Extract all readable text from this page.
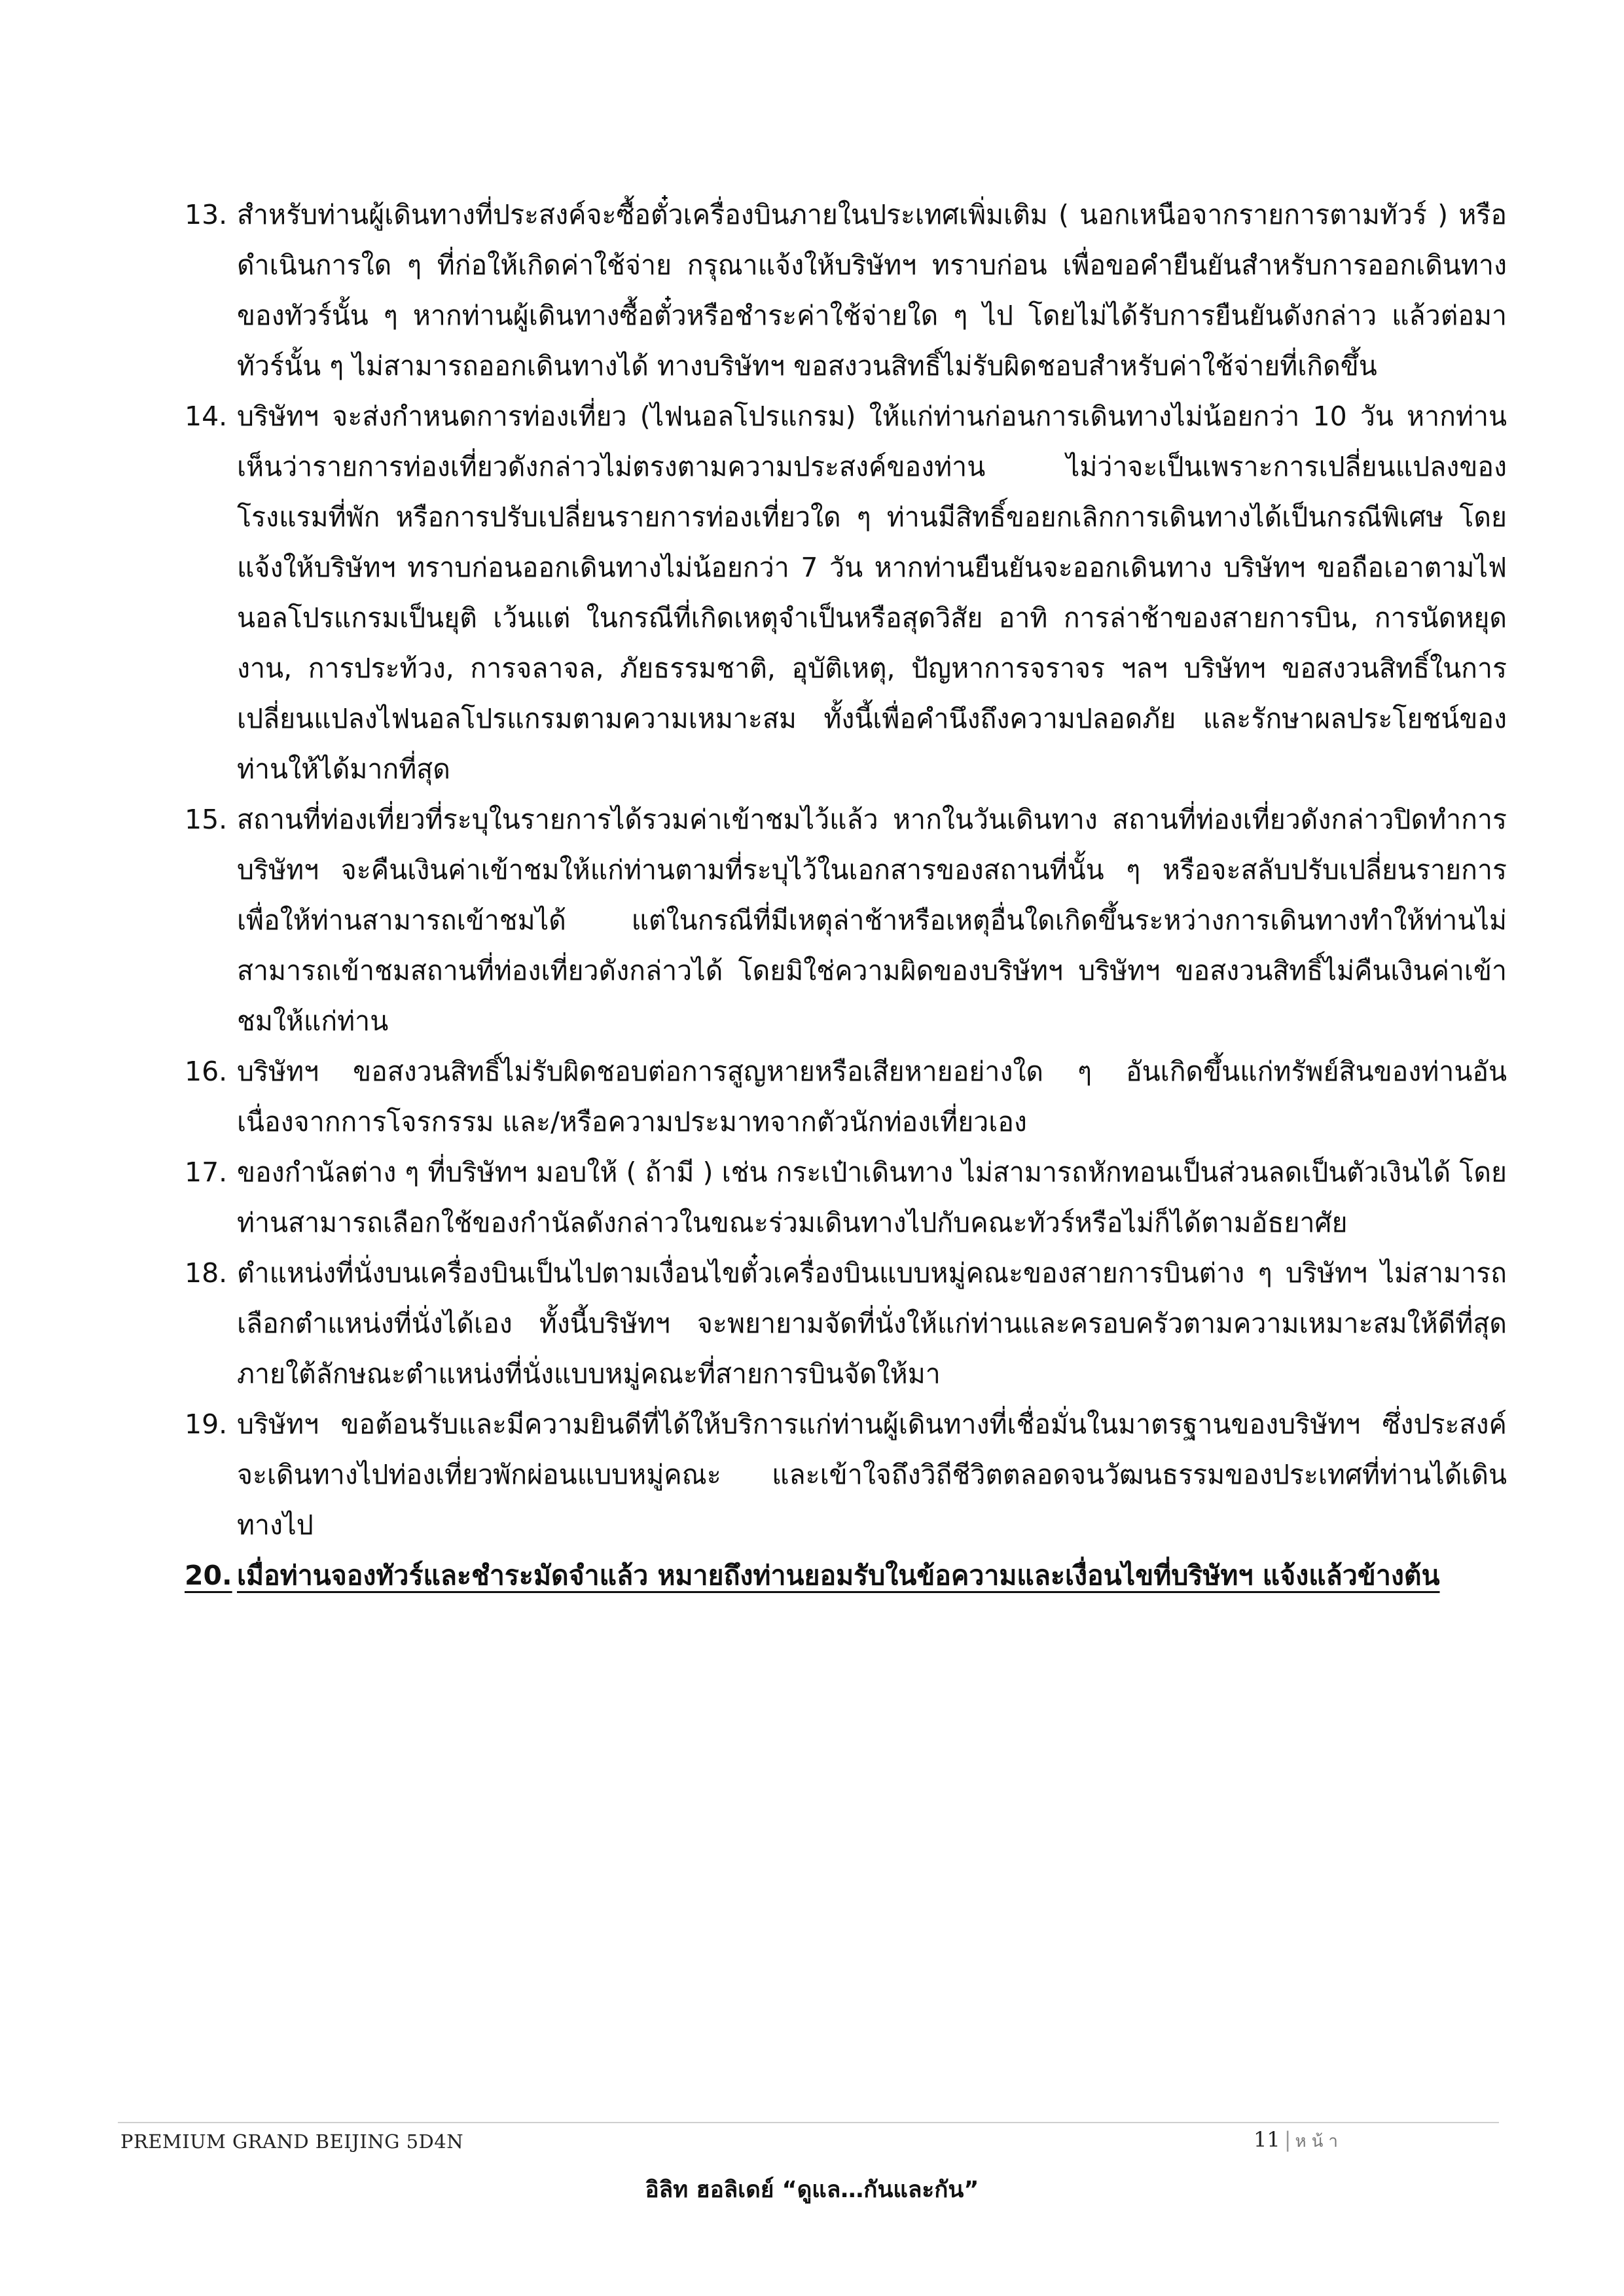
13. สำหรับท่านผู้เดินทางที่ประสงค์จะซื้อตั๋วเครื่องบินภายในประเทศเพิ่มเติม ( นอกเหนือจากรายการตามทัวร์ ) หรือดำเนินการใด ๆ ที่ก่อให้เกิดค่าใช้จ่าย กรุณาแจ้งให้บริษัทฯ ทราบก่อน เพื่อขอคำยืนยันสำหรับการออกเดินทางของทัวร์นั้น ๆ หากท่านผู้เดินทางซื้อตั๋วหรือชำระค่าใช้จ่ายใด ๆ ไป โดยไม่ได้รับการยืนยันดังกล่าว แล้วต่อมาทัวร์นั้น ๆ ไม่สามารถออกเดินทางได้ ทางบริษัทฯ ขอสงวนสิทธิ์ไม่รับผิดชอบสำหรับค่าใช้จ่ายที่เกิดขึ้น
14. บริษัทฯ จะส่งกำหนดการท่องเที่ยว (ไฟนอลโปรแกรม) ให้แก่ท่านก่อนการเดินทางไม่น้อยกว่า 10 วัน หากท่านเห็นว่ารายการท่องเที่ยวดังกล่าวไม่ตรงตามความประสงค์ของท่าน ไม่ว่าจะเป็นเพราะการเปลี่ยนแปลงของโรงแรมที่พัก หรือการปรับเปลี่ยนรายการท่องเที่ยวใด ๆ ท่านมีสิทธิ์ขอยกเลิกการเดินทางได้เป็นกรณีพิเศษ โดยแจ้งให้บริษัทฯ ทราบก่อนออกเดินทางไม่น้อยกว่า 7 วัน หากท่านยืนยันจะออกเดินทาง บริษัทฯ ขอถือเอาตามไฟนอลโปรแกรมเป็นยุติ เว้นแต่ ในกรณีที่เกิดเหตุจำเป็นหรือสุดวิสัย อาทิ การล่าช้าของสายการบิน, การนัดหยุดงาน, การประท้วง, การจลาจล, ภัยธรรมชาติ, อุบัติเหตุ, ปัญหาการจราจร ฯลฯ บริษัทฯ ขอสงวนสิทธิ์ในการเปลี่ยนแปลงไฟนอลโปรแกรมตามความเหมาะสม ทั้งนี้เพื่อคำนึงถึงความปลอดภัย และรักษาผลประโยชน์ของท่านให้ได้มากที่สุด
15. สถานที่ท่องเที่ยวที่ระบุในรายการได้รวมค่าเข้าชมไว้แล้ว หากในวันเดินทาง สถานที่ท่องเที่ยวดังกล่าวปิดทำการ บริษัทฯ จะคืนเงินค่าเข้าชมให้แก่ท่านตามที่ระบุไว้ในเอกสารของสถานที่นั้น ๆ หรือจะสลับปรับเปลี่ยนรายการเพื่อให้ท่านสามารถเข้าชมได้ แต่ในกรณีที่มีเหตุล่าช้าหรือเหตุอื่นใดเกิดขึ้นระหว่างการเดินทางทำให้ท่านไม่สามารถเข้าชมสถานที่ท่องเที่ยวดังกล่าวได้ โดยมิใช่ความผิดของบริษัทฯ บริษัทฯ ขอสงวนสิทธิ์ไม่คืนเงินค่าเข้าชมให้แก่ท่าน
16. บริษัทฯ ขอสงวนสิทธิ์ไม่รับผิดชอบต่อการสูญหายหรือเสียหายอย่างใด ๆ อันเกิดขึ้นแก่ทรัพย์สินของท่านอันเนื่องจากการโจรกรรม และ/หรือความประมาทจากตัวนักท่องเที่ยวเอง
17. ของกำนัลต่าง ๆ ที่บริษัทฯ มอบให้ ( ถ้ามี ) เช่น กระเป๋าเดินทาง ไม่สามารถหักทอนเป็นส่วนลดเป็นตัวเงินได้ โดยท่านสามารถเลือกใช้ของกำนัลดังกล่าวในขณะร่วมเดินทางไปกับคณะทัวร์หรือไม่ก็ได้ตามอัธยาศัย
18. ตำแหน่งที่นั่งบนเครื่องบินเป็นไปตามเงื่อนไขตั๋วเครื่องบินแบบหมู่คณะของสายการบินต่าง ๆ บริษัทฯ ไม่สามารถเลือกตำแหน่งที่นั่งได้เอง ทั้งนี้บริษัทฯ จะพยายามจัดที่นั่งให้แก่ท่านและครอบครัวตามความเหมาะสมให้ดีที่สุดภายใต้ลักษณะตำแหน่งที่นั่งแบบหมู่คณะที่สายการบินจัดให้มา
19. บริษัทฯ ขอต้อนรับและมีความยินดีที่ได้ให้บริการแก่ท่านผู้เดินทางที่เชื่อมั่นในมาตรฐานของบริษัทฯ ซึ่งประสงค์จะเดินทางไปท่องเที่ยวพักผ่อนแบบหมู่คณะ และเข้าใจถึงวิถีชีวิตตลอดจนวัฒนธรรมของประเทศที่ท่านได้เดินทางไป
20. เมื่อท่านจองทัวร์และชำระมัดจำแล้ว หมายถึงท่านยอมรับในข้อความและเงื่อนไขที่บริษัทฯ แจ้งแล้วข้างต้น
PREMIUM GRAND BEIJING 5D4N	11 | หน้า
อิลิท ฮอลิเดย์ “ดูแล…กันและกัน”
